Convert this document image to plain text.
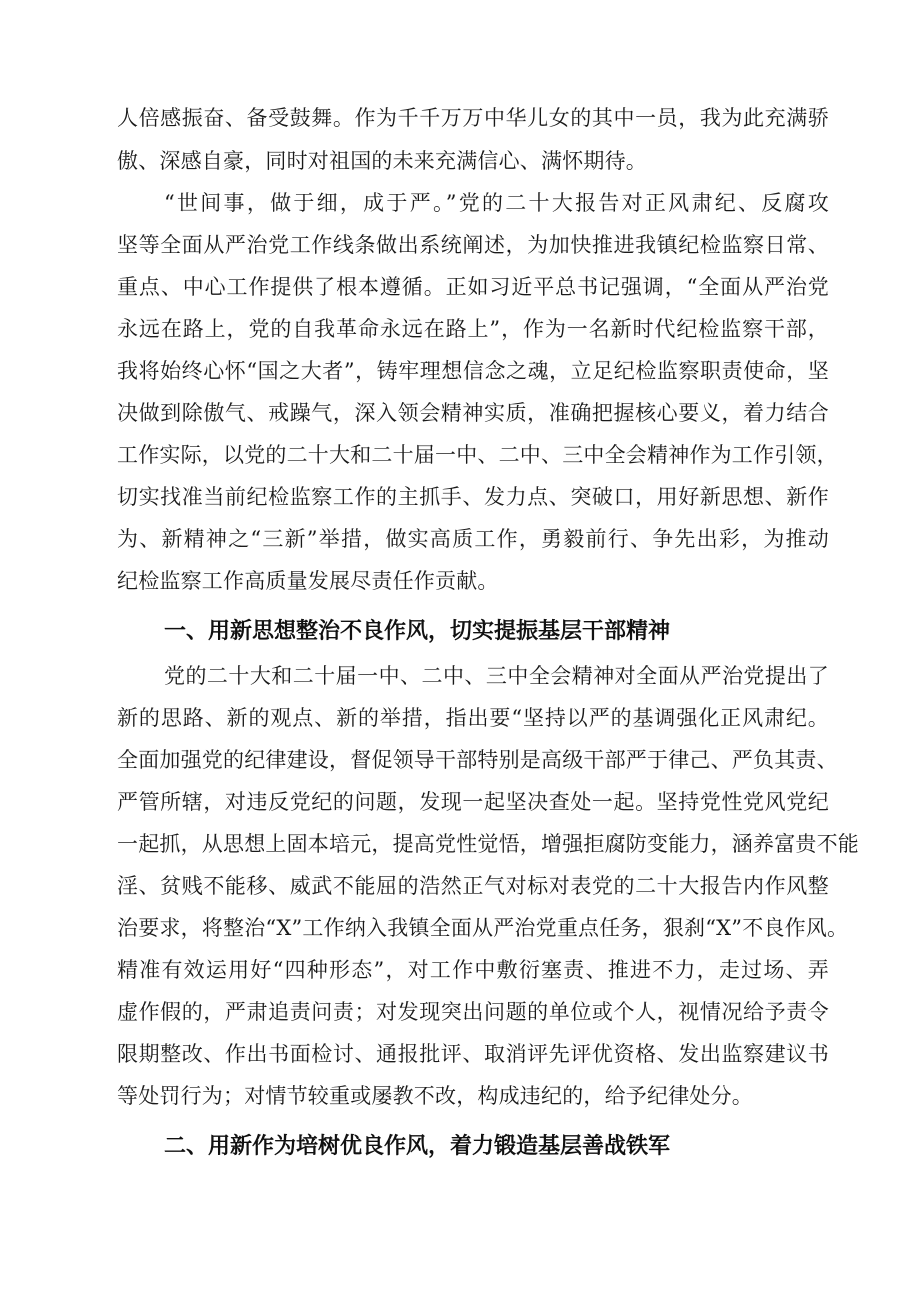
人倍感振奋、备受鼓舞。作为千千万万中华儿女的其中一员，我为此充满骄
傲、深感自豪，同时对祖国的未来充满信心、满怀期待。
“世间事，做于细，成于严。”党的二十大报告对正风肃纪、反腐攻
坚等全面从严治党工作线条做出系统阐述，为加快推进我镇纪检监察日常、
重点、中心工作提供了根本遵循。正如习近平总书记强调，“全面从严治党
永远在路上，党的自我革命永远在路上”，作为一名新时代纪检监察干部，
我将始终心怀“国之大者”，铸牢理想信念之魂，立足纪检监察职责使命，坚
决做到除傲气、戒躁气，深入领会精神实质，准确把握核心要义，着力结合
工作实际，以党的二十大和二十届一中、二中、三中全会精神作为工作引领，
切实找准当前纪检监察工作的主抓手、发力点、突破口，用好新思想、新作
为、新精神之“三新”举措，做实高质工作，勇毅前行、争先出彩，为推动
纪检监察工作高质量发展尽责任作贡献。
一、用新思想整治不良作风，切实提振基层干部精神
党的二十大和二十届一中、二中、三中全会精神对全面从严治党提出了
新的思路、新的观点、新的举措，指出要“坚持以严的基调强化正风肃纪。
全面加强党的纪律建设，督促领导干部特别是高级干部严于律己、严负其责、
严管所辖，对违反党纪的问题，发现一起坚决查处一起。坚持党性党风党纪
一起抓，从思想上固本培元，提高党性觉悟，增强拒腐防变能力，涵养富贵不能
淫、贫贱不能移、威武不能屈的浩然正气对标对表党的二十大报告内作风整
治要求，将整治“X”工作纳入我镇全面从严治党重点任务，狠刹“X”不良作风。
精准有效运用好“四种形态”，对工作中敷衍塞责、推进不力，走过场、弄
虚作假的，严肃追责问责；对发现突出问题的单位或个人，视情况给予责令
限期整改、作出书面检讨、通报批评、取消评先评优资格、发出监察建议书
等处罚行为；对情节较重或屡教不改，构成违纪的，给予纪律处分。
二、用新作为培树优良作风，着力锻造基层善战铁军
